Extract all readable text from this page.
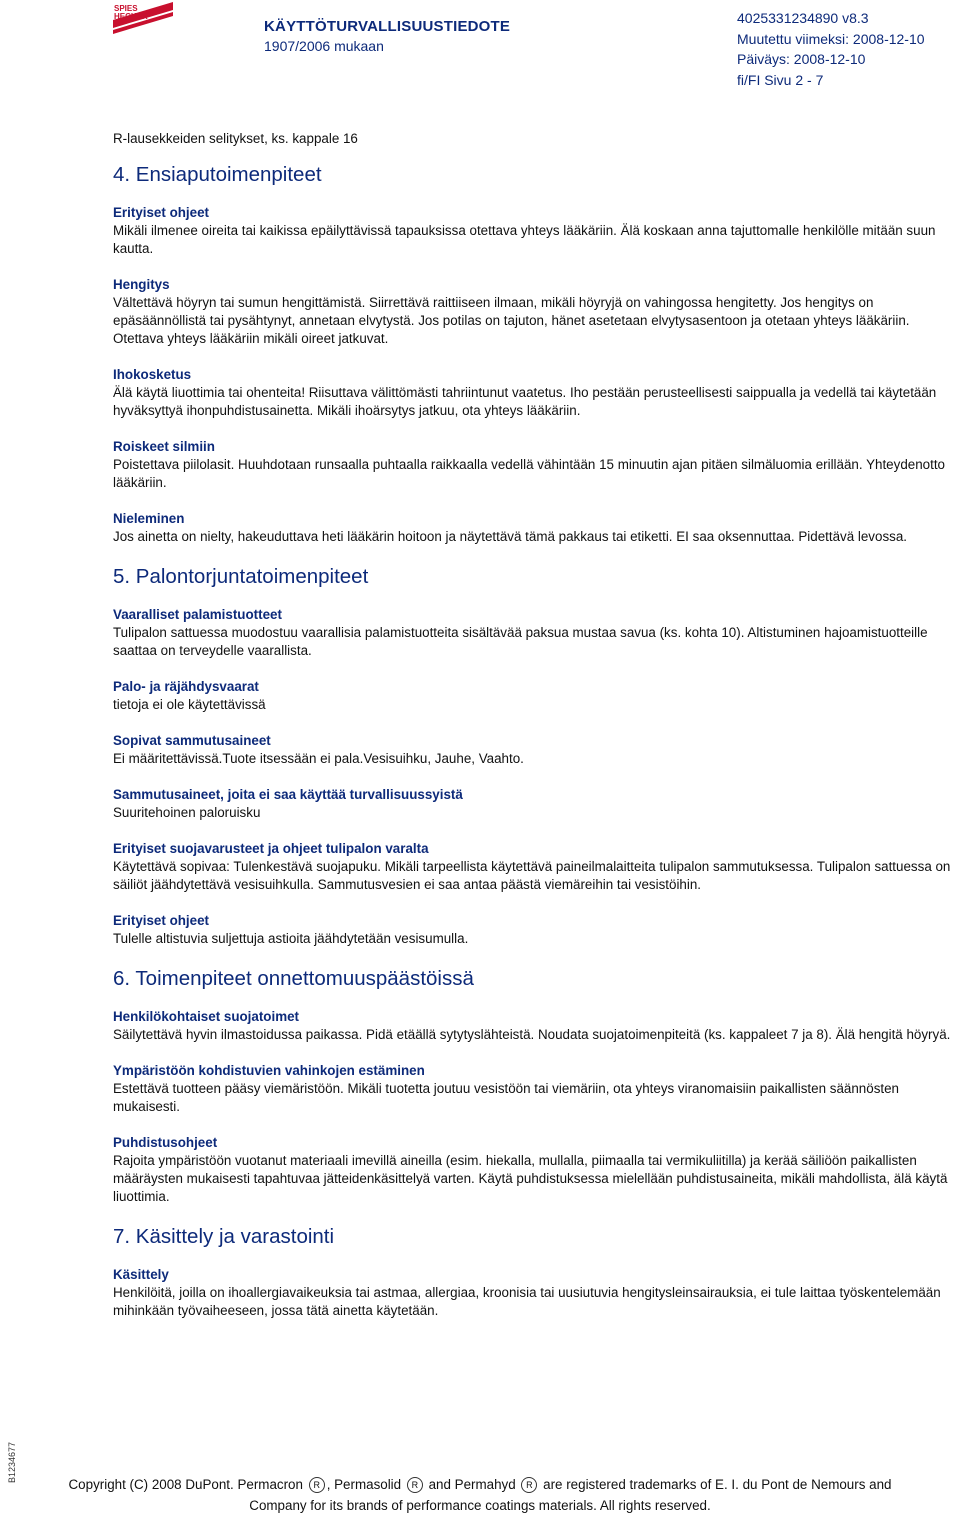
SPIES
HECKER
KÄYTTÖTURVALLISUUSTIEDOTE
1907/2006 mukaan
4025331234890 v8.3
Muutettu viimeksi: 2008-12-10
Päiväys: 2008-12-10
fi/FI Sivu 2 - 7

R-lausekkeiden selitykset, ks. kappale 16

4. Ensiaputoimenpiteet
Erityiset ohjeet

Mikäli ilmenee oireita tai kaikissa epäilyttävissä tapauksissa otettava yhteys lääkäriin. Älä koskaan anna tajuttomalle henkilölle mitään suun kautta.

Hengitys

Vältettävä höyryn tai sumun hengittämistä. Siirrettävä raittiiseen ilmaan, mikäli höyryjä on vahingossa hengitetty. Jos hengitys on epäsäännöllistä tai pysähtynyt, annetaan elvytystä. Jos potilas on tajuton, hänet asetetaan elvytysasentoon ja otetaan yhteys lääkäriin. Otettava yhteys lääkäriin mikäli oireet jatkuvat.

Ihokosketus

Älä käytä liuottimia tai ohenteita! Riisuttava välittömästi tahriintunut vaatetus. Iho pestään perusteellisesti saippualla ja vedellä tai käytetään hyväksyttyä ihonpuhdistusainetta. Mikäli ihoärsytys jatkuu, ota yhteys lääkäriin.

Roiskeet silmiin

Poistettava piilolasit. Huuhdotaan runsaalla puhtaalla raikkaalla vedellä vähintään 15 minuutin ajan pitäen silmäluomia erillään. Yhteydenotto lääkäriin.

Nieleminen

Jos ainetta on nielty, hakeuduttava heti lääkärin hoitoon ja näytettävä tämä pakkaus tai etiketti. EI saa oksennuttaa. Pidettävä levossa.

5. Palontorjuntatoimenpiteet
Vaaralliset palamistuotteet

Tulipalon sattuessa muodostuu vaarallisia palamistuotteita sisältävää paksua mustaa savua (ks. kohta 10). Altistuminen hajoamistuotteille saattaa on terveydelle vaarallista.

Palo- ja räjähdysvaarat

tietoja ei ole käytettävissä

Sopivat sammutusaineet

Ei määritettävissä.Tuote itsessään ei pala.Vesisuihku, Jauhe, Vaahto.

Sammutusaineet, joita ei saa käyttää turvallisuussyistä

Suuritehoinen paloruisku

Erityiset suojavarusteet ja ohjeet tulipalon varalta

Käytettävä sopivaa: Tulenkestävä suojapuku. Mikäli tarpeellista käytettävä paineilmalaitteita tulipalon sammutuksessa. Tulipalon sattuessa on säiliöt jäähdytettävä vesisuihkulla. Sammutusvesien ei saa antaa päästä viemäreihin tai vesistöihin.

Erityiset ohjeet

Tulelle altistuvia suljettuja astioita jäähdytetään vesisumulla.

6. Toimenpiteet onnettomuuspäästöissä
Henkilökohtaiset suojatoimet

Säilytettävä hyvin ilmastoidussa paikassa. Pidä etäällä sytytyslähteistä. Noudata suojatoimenpiteitä (ks. kappaleet 7 ja 8). Älä hengitä höyryä.

Ympäristöön kohdistuvien vahinkojen estäminen

Estettävä tuotteen pääsy viemäristöön. Mikäli tuotetta joutuu vesistöön tai viemäriin, ota yhteys viranomaisiin paikallisten säännösten mukaisesti.

Puhdistusohjeet

Rajoita ympäristöön vuotanut materiaali imevillä aineilla (esim. hiekalla, mullalla, piimaalla tai vermikuliitilla) ja kerää säiliöön paikallisten määräysten mukaisesti tapahtuvaa jätteidenkäsittelyä varten. Käytä puhdistuksessa mielellään puhdistusaineita, mikäli mahdollista, älä käytä liuottimia.

7. Käsittely ja varastointi
Käsittely

Henkilöitä, joilla on ihoallergiavaikeuksia tai astmaa, allergiaa, kroonisia tai uusiutuvia hengitysleinsairauksia, ei tule laittaa työskentelemään mihinkään työvaiheeseen, jossa tätä ainetta käytetään.

B1234677
Copyright (C) 2008 DuPont. Permacron R , Permasolid R and Permahyd R are registered trademarks of E. I. du Pont de Nemours and
Company for its brands of performance coatings materials. All rights reserved.
